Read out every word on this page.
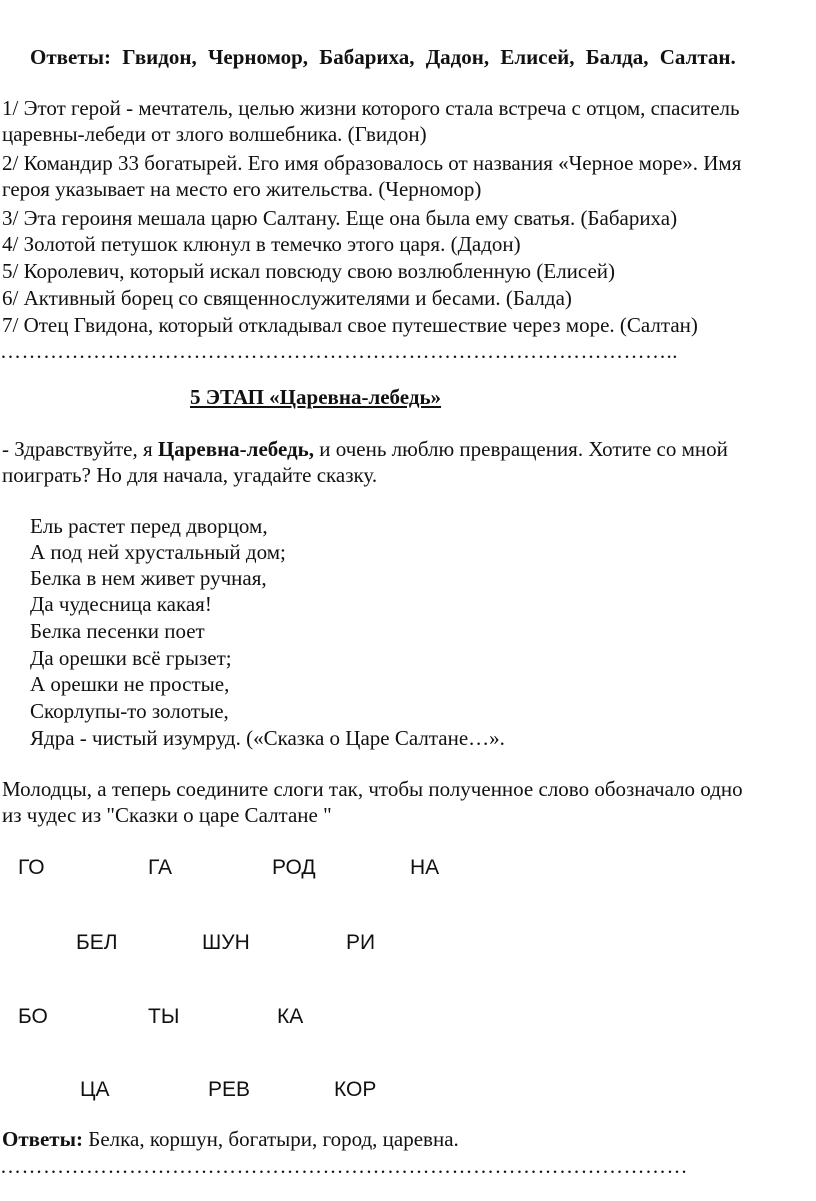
Ответы: Гвидон, Черномор, Бабариха, Дадон, Елисей, Балда, Салтан.
1/ Этот герой - мечтатель, целью жизни которого стала встреча с отцом, спаситель
царевны-лебеди от злого волшебника. (Гвидон)
2/ Командир 33 богатырей. Его имя образовалось от названия «Черное море». Имя
героя указывает на место его жительства. (Черномор)
3/ Эта героиня мешала царю Салтану. Еще она была ему сватья. (Бабариха)
4/ Золотой петушок клюнул в темечко этого царя. (Дадон)
5/ Королевич, который искал повсюду свою возлюбленную (Елисей)
6/ Активный борец со священнослужителями и бесами. (Балда)
7/ Отец Гвидона, который откладывал свое путешествие через море. (Салтан)
…………………………………………………………………………………..
5 ЭТАП «Царевна-лебедь»
- Здравствуйте, я Царевна-лебедь, и очень люблю превращения. Хотите со мной
поиграть? Но для начала, угадайте сказку.
Ель растет перед дворцом,
А под ней хрустальный дом;
Белка в нем живет ручная,
Да чудесница какая!
Белка песенки поет
Да орешки всё грызет;
А орешки не простые,
Скорлупы-то золотые,
Ядра - чистый изумруд. («Сказка о Царе Салтане…».
Молодцы, а теперь соедините слоги так, чтобы полученное слово обозначало одно
из чудес из "Сказки о царе Салтане "
ГО	ГА	РОД	НА
БЕЛ	ШУН	РИ
БО	ТЫ	КА
ЦА	РЕВ	КОР
Ответы: Белка, коршун, богатыри, город, царевна.
……………………………………………………………………………………
